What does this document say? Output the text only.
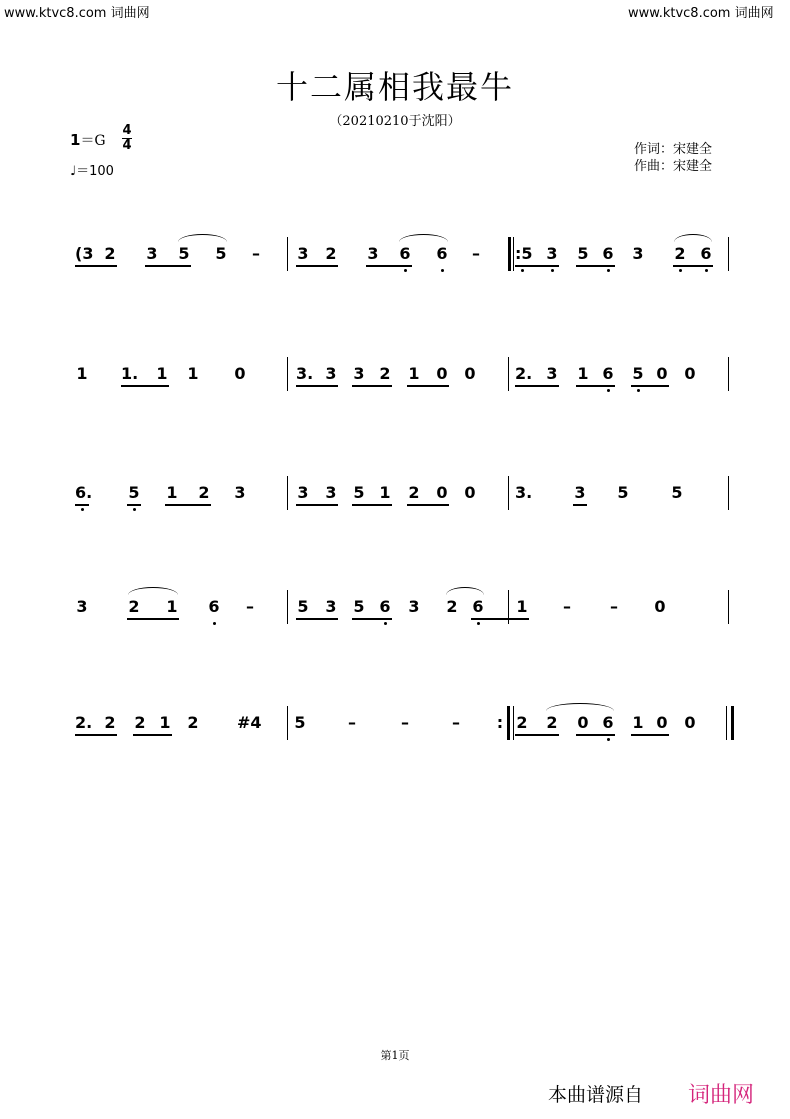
www.ktvc8.com 词曲网	www.ktvc8.com 词曲网
十二属相我最牛
（20210210于沈阳）
作词：宋建全
作曲：宋建全
1＝G
4
4
♩＝100
(3 2 3 5 5 – 3 2 3 6 6 – :5 3 5 6 3 2 6
1 1. 1 1 0	3. 3 3 2 1 0 0 2. 3 1 6 5 0 0
6. 5 1 2 3	3 3 5 1 2 0 0 3.	3 5	5
3	2 1 6 –	5 3 5 6 3 2 6 1 – – 0
2. 2 2 1 2 #4 5	–	–	– : 2 2 0 6 1 0 0
第1页
本曲谱源自 词曲网
